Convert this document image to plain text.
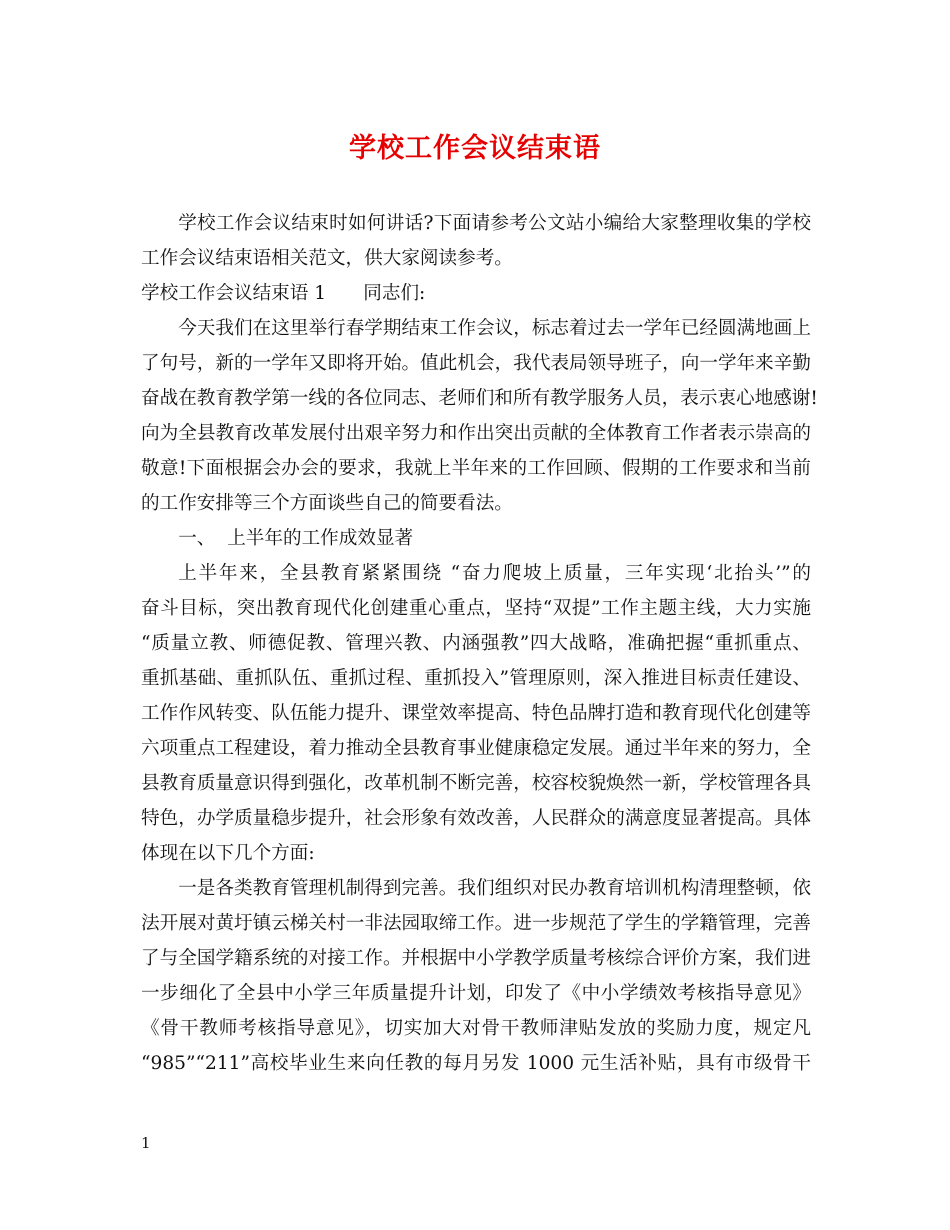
学校工作会议结束语

学校工作会议结束时如何讲话?下面请参考公文站小编给大家整理收集的学校
工作会议结束语相关范文，供大家阅读参考。

学校工作会议结束语 1　　同志们:

今天我们在这里举行春学期结束工作会议，标志着过去一学年已经圆满地画上
了句号，新的一学年又即将开始。值此机会，我代表局领导班子，向一学年来辛勤
奋战在教育教学第一线的各位同志、老师们和所有教学服务人员，表示衷心地感谢!
向为全县教育改革发展付出艰辛努力和作出突出贡献的全体教育工作者表示崇高的
敬意!下面根据会办会的要求，我就上半年来的工作回顾、假期的工作要求和当前
的工作安排等三个方面谈些自己的简要看法。

一、  上半年的工作成效显著

上半年来，全县教育紧紧围绕 “奋力爬坡上质量，三年实现‘北抬头’”的
奋斗目标，突出教育现代化创建重心重点，坚持“双提”工作主题主线，大力实施
“质量立教、师德促教、管理兴教、内涵强教”四大战略，准确把握“重抓重点、
重抓基础、重抓队伍、重抓过程、重抓投入”管理原则，深入推进目标责任建设、
工作作风转变、队伍能力提升、课堂效率提高、特色品牌打造和教育现代化创建等
六项重点工程建设，着力推动全县教育事业健康稳定发展。通过半年来的努力，全
县教育质量意识得到强化，改革机制不断完善，校容校貌焕然一新，学校管理各具
特色，办学质量稳步提升，社会形象有效改善，人民群众的满意度显著提高。具体
体现在以下几个方面:

一是各类教育管理机制得到完善。我们组织对民办教育培训机构清理整顿，依
法开展对黄圩镇云梯关村一非法园取缔工作。进一步规范了学生的学籍管理，完善
了与全国学籍系统的对接工作。并根据中小学教学质量考核综合评价方案，我们进
一步细化了全县中小学三年质量提升计划，印发了《中小学绩效考核指导意见》
《骨干教师考核指导意见》，切实加大对骨干教师津贴发放的奖励力度，规定凡
“985”“211”高校毕业生来向任教的每月另发 1000 元生活补贴，具有市级骨干

1
